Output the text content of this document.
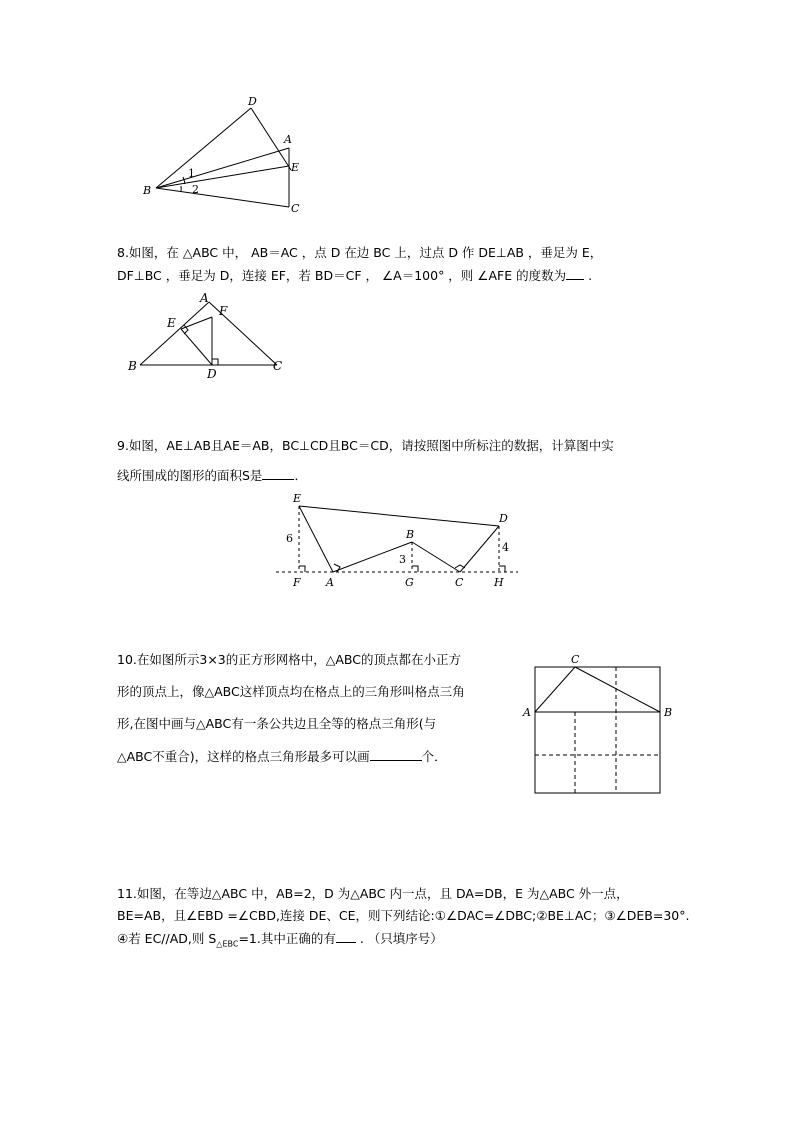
D
A
E
B
C
1
2
8.如图，在 △ABC 中， AB＝AC ，点 D 在边 BC 上，过点 D 作 DE⊥AB ，垂足为 E，
DF⊥BC ，垂足为 D，连接 EF，若 BD＝CF ， ∠A＝100° ，则 ∠AFE 的度数为 .
A
F
E
B
D
C
9.如图，AE⊥AB且AE＝AB，BC⊥CD且BC＝CD，请按照图中所标注的数据，计算图中实
线所围成的图形的面积S是	．
E
D
B
6
3
4
F A	G	C	H
10.在如图所示3×3的正方形网格中，△ABC的顶点都在小正方
形的顶点上，像△ABC这样顶点均在格点上的三角形叫格点三角
形,在图中画与△ABC有一条公共边且全等的格点三角形(与
△ABC不重合)，这样的格点三角形最多可以画	个．
C
A	B
11.如图，在等边△ABC 中，AB=2，D 为△ABC 内一点，且 DA=DB，E 为△ABC 外一点，
BE=AB，且∠EBD =∠CBD,连接 DE、CE，则下列结论:①∠DAC=∠DBC;②BE⊥AC；③∠DEB=30°.
④若 EC//AD,则 $S_{\triangle EBC}=1$.其中正确的有 . （只填序号）
